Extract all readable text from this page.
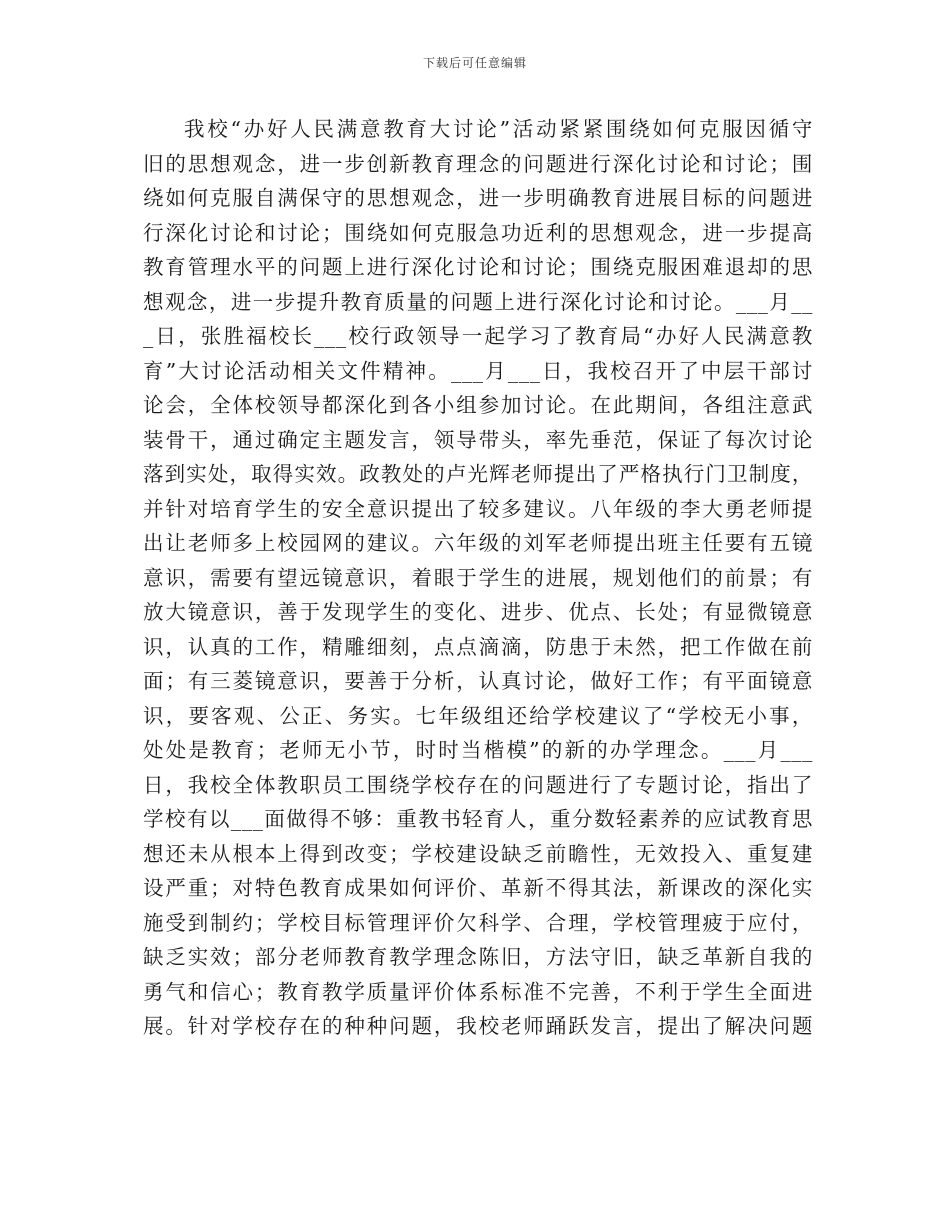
下载后可任意编辑
我校“办好人民满意教育大讨论”活动紧紧围绕如何克服因循守
旧的思想观念，进一步创新教育理念的问题进行深化讨论和讨论；围
绕如何克服自满保守的思想观念，进一步明确教育进展目标的问题进
行深化讨论和讨论；围绕如何克服急功近利的思想观念，进一步提高
教育管理水平的问题上进行深化讨论和讨论；围绕克服困难退却的思
想观念，进一步提升教育质量的问题上进行深化讨论和讨论。___月__
_日，张胜福校长___校行政领导一起学习了教育局“办好人民满意教
育”大讨论活动相关文件精神。___月___日，我校召开了中层干部讨
论会，全体校领导都深化到各小组参加讨论。在此期间，各组注意武
装骨干，通过确定主题发言，领导带头，率先垂范，保证了每次讨论
落到实处，取得实效。政教处的卢光辉老师提出了严格执行门卫制度，
并针对培育学生的安全意识提出了较多建议。八年级的李大勇老师提
出让老师多上校园网的建议。六年级的刘军老师提出班主任要有五镜
意识，需要有望远镜意识，着眼于学生的进展，规划他们的前景；有
放大镜意识，善于发现学生的变化、进步、优点、长处；有显微镜意
识，认真的工作，精雕细刻，点点滴滴，防患于未然，把工作做在前
面；有三菱镜意识，要善于分析，认真讨论，做好工作；有平面镜意
识，要客观、公正、务实。七年级组还给学校建议了“学校无小事，
处处是教育；老师无小节，时时当楷模”的新的办学理念。___月___
日，我校全体教职员工围绕学校存在的问题进行了专题讨论，指出了
学校有以___面做得不够：重教书轻育人，重分数轻素养的应试教育思
想还未从根本上得到改变；学校建设缺乏前瞻性，无效投入、重复建
设严重；对特色教育成果如何评价、革新不得其法，新课改的深化实
施受到制约；学校目标管理评价欠科学、合理，学校管理疲于应付，
缺乏实效；部分老师教育教学理念陈旧，方法守旧，缺乏革新自我的
勇气和信心；教育教学质量评价体系标准不完善，不利于学生全面进
展。针对学校存在的种种问题，我校老师踊跃发言，提出了解决问题
